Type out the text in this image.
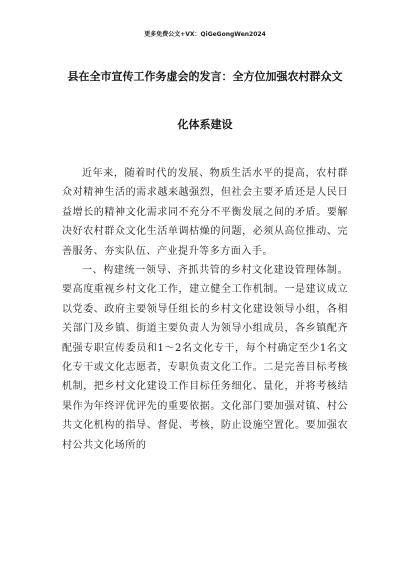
更多免费公文+VX：QiGeGongWen2024
县在全市宣传工作务虚会的发言：全方位加强农村群众文
化体系建设

近年来，随着时代的发展、物质生活水平的提高，农村群众对精神生活的需求越来越强烈，但社会主要矛盾还是人民日益增长的精神文化需求同不充分不平衡发展之间的矛盾。要解决好农村群众文化生活单调枯燥的问题，必须从高位推动、完善服务、夯实队伍、产业提升等多方面入手。

一、构建统一领导、齐抓共管的乡村文化建设管理体制。要高度重视乡村文化工作，建立健全工作机制。一是建议成立以党委、政府主要领导任组长的乡村文化建设领导小组，各相关部门及乡镇、街道主要负责人为领导小组成员，各乡镇配齐配强专职宣传委员和1～2名文化专干，每个村确定至少1名文化专干或文化志愿者，专职负责文化工作。二是完善目标考核机制，把乡村文化建设工作目标任务细化、量化，并将考核结果作为年终评优评先的重要依据。文化部门要加强对镇、村公共文化机构的指导、督促、考核，防止设施空置化。要加强农村公共文化场所的
